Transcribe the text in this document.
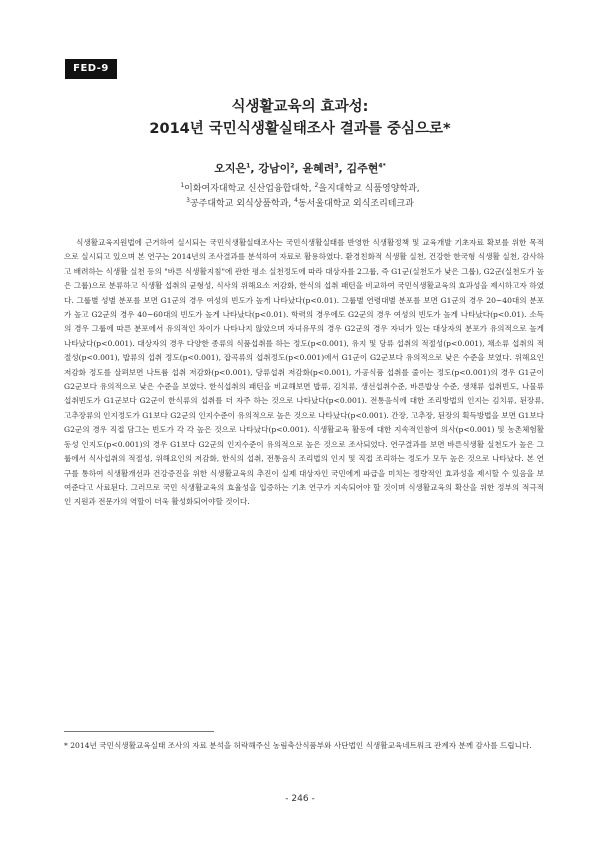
FED-9
식생활교육의 효과성:
2014년 국민식생활실태조사 결과를 중심으로*
오지은$^1$, 강남이$^2$, 윤혜려$^3$, 김주현$^{4*}$
$^1$이화여자대학교 신산업융합대학, $^2$을지대학교 식품영양학과,
$^3$공주대학교 외식상품학과, $^4$동서울대학교 외식조리테크과

식생활교육지원법에 근거하여 실시되는 국민식생활실태조사는 국민식생활실태를 반영한 식생활정책 및 교육개발 기초자료 확보를 위한 목적으로 실시되고 있으며 본 연구는 2014년의 조사결과를 분석하여 자료로 활용하였다. 환경친화적 식생활 실천, 건강한 한국형 식생활 실천, 감사하고 배려하는 식생활 실천 등의 "바른 식생활지침"에 관한 평소 실천정도에 따라 대상자를 2그룹, 즉 G1군(실천도가 낮은 그룹), G2군(실천도가 높은 그룹)으로 분류하고 식생활 섭취의 균형성, 식사의 위해요소 저감화, 한식의 섭취 패턴을 비교하여 국민식생활교육의 효과성을 제시하고자 하였다. 그룹별 성별 분포를 보면 G1군의 경우 여성의 빈도가 높게 나타났다(p<0.01). 그룹별 연령대별 분포를 보면 G1군의 경우 20~40대의 분포가 높고 G2군의 경우 40~60대의 빈도가 높게 나타났다(p<0.01). 학력의 경우에도 G2군의 경우 여성의 빈도가 높게 나타났다(p<0.01). 소득의 경우 그룹에 따른 분포에서 유의적인 차이가 나타나지 않았으며 자녀유무의 경우 G2군의 경우 자녀가 있는 대상자의 분포가 유의적으로 높게 나타났다(p<0.001). 대상자의 경우 다양한 종류의 식품섭취를 하는 정도(p<0.001), 유지 및 당류 섭취의 적절성(p<0.001), 채소류 섭취의 적절성(p<0.001), 밥류의 섭취 정도(p<0.001), 잡곡류의 섭취정도(p<0.001)에서 G1군이 G2군보다 유의적으로 낮은 수준을 보였다. 위해요인 저감화 정도를 살펴보면 나트륨 섭취 저감화(p<0.001), 당류섭취 저감화(p<0.001), 가공식품 섭취를 줄이는 정도(p<0.001)의 경우 G1군이 G2군보다 유의적으로 낮은 수준을 보였다. 한식섭취의 패턴을 비교해보면 밥류, 김치류, 생선섭취수준, 바른밥상 수준, 생채류 섭취빈도, 나물류 섭취빈도가 G1군보다 G2군이 한식류의 섭취를 더 자주 하는 것으로 나타났다(p<0.001). 전통음식에 대한 조리방법의 인지는 김치류, 된장류, 고추장류의 인지정도가 G1보다 G2군의 인지수준이 유의적으로 높은 것으로 나타났다(p<0.001). 간장, 고추장, 된장의 획득방법을 보면 G1보다 G2군의 경우 직접 담그는 빈도가 각 각 높은 것으로 나타났다(p<0.001). 식생활교육 활동에 대한 지속적인참여 의사(p<0.001) 및 농촌체험활동성 인지도(p<0.001)의 경우 G1보다 G2군의 인지수준이 유의적으로 높은 것으로 조사되었다. 연구결과를 보면 바른식생활 실천도가 높은 그룹에서 식사섭취의 적절성, 위해요인의 저감화, 한식의 섭취, 전통음식 조리법의 인지 및 직접 조리하는 정도가 모두 높은 것으로 나타났다. 본 연구를 통하여 식생활개선과 건강증진을 위한 식생활교육의 추진이 실제 대상자인 국민에게 파급을 미치는 정량적인 효과성을 제시할 수 있음을 보여준다고 사료된다. 그러므로 국민 식생활교육의 효율성을 입증하는 기초 연구가 지속되어야 할 것이며 식생활교육의 확산을 위한 정부의 적극적인 지원과 전문가의 역할이 더욱 활성화되어야할 것이다.

* 2014년 국민식생활교육실태 조사의 자료 분석을 허락해주신 농림축산식품부와 사단법인 식생활교육네트워크 관계자 분께 감사를 드립니다.

- 246 -
